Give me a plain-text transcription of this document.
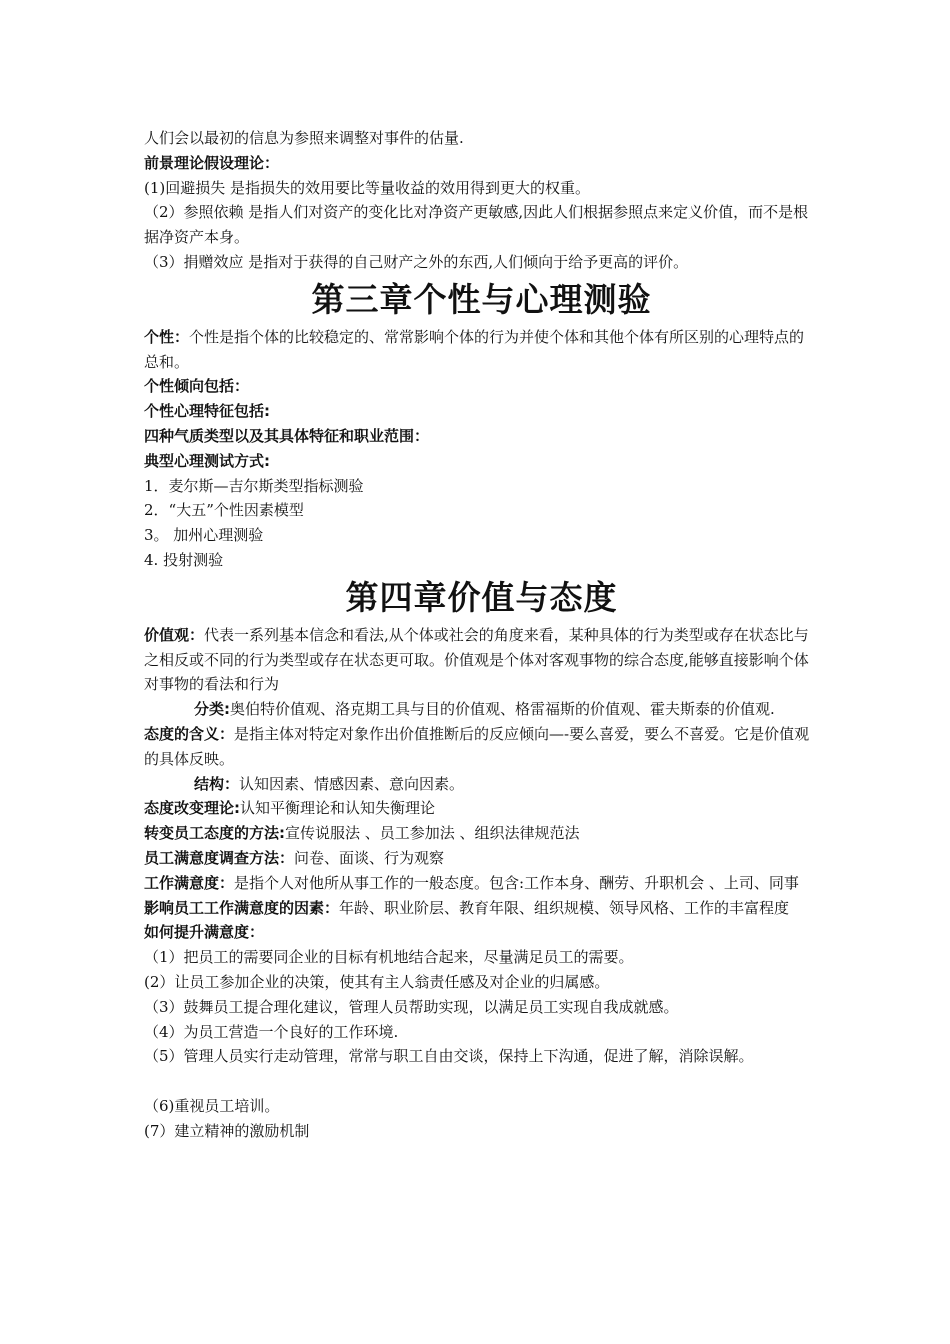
人们会以最初的信息为参照来调整对事件的估量.

前景理论假设理论：

(1)回避损失 是指损失的效用要比等量收益的效用得到更大的权重。

（2）参照依赖 是指人们对资产的变化比对净资产更敏感,因此人们根据参照点来定义价值，而不是根据净资产本身。

（3）捐赠效应 是指对于获得的自己财产之外的东西,人们倾向于给予更高的评价。

第三章个性与心理测验

个性：个性是指个体的比较稳定的、常常影响个体的行为并使个体和其他个体有所区别的心理特点的总和。

个性倾向包括：

个性心理特征包括:

四种气质类型以及其具体特征和职业范围：

典型心理测试方式:

1．麦尔斯—吉尔斯类型指标测验

2．“大五”个性因素模型

3。 加州心理测验

4. 投射测验

第四章价值与态度

价值观：代表一系列基本信念和看法,从个体或社会的角度来看，某种具体的行为类型或存在状态比与之相反或不同的行为类型或存在状态更可取。价值观是个体对客观事物的综合态度,能够直接影响个体对事物的看法和行为

分类:奥伯特价值观、洛克期工具与目的价值观、格雷福斯的价值观、霍夫斯泰的价值观.

态度的含义：是指主体对特定对象作出价值推断后的反应倾向—-要么喜爱，要么不喜爱。它是价值观的具体反映。

结构：认知因素、情感因素、意向因素。

态度改变理论:认知平衡理论和认知失衡理论

转变员工态度的方法:宣传说服法 、员工参加法 、组织法律规范法

员工满意度调查方法：问卷、面谈、行为观察

工作满意度：是指个人对他所从事工作的一般态度。包含:工作本身、酬劳、升职机会 、上司、同事

影响员工工作满意度的因素：年龄、职业阶层、教育年限、组织规模、领导风格、工作的丰富程度

如何提升满意度：

（1）把员工的需要同企业的目标有机地结合起来，尽量满足员工的需要。

(2）让员工参加企业的决策，使其有主人翁责任感及对企业的归属感。

（3）鼓舞员工提合理化建议，管理人员帮助实现，以满足员工实现自我成就感。

（4）为员工营造一个良好的工作环境.

（5）管理人员实行走动管理，常常与职工自由交谈，保持上下沟通，促进了解，消除误解。

（6)重视员工培训。

(7）建立精神的激励机制
